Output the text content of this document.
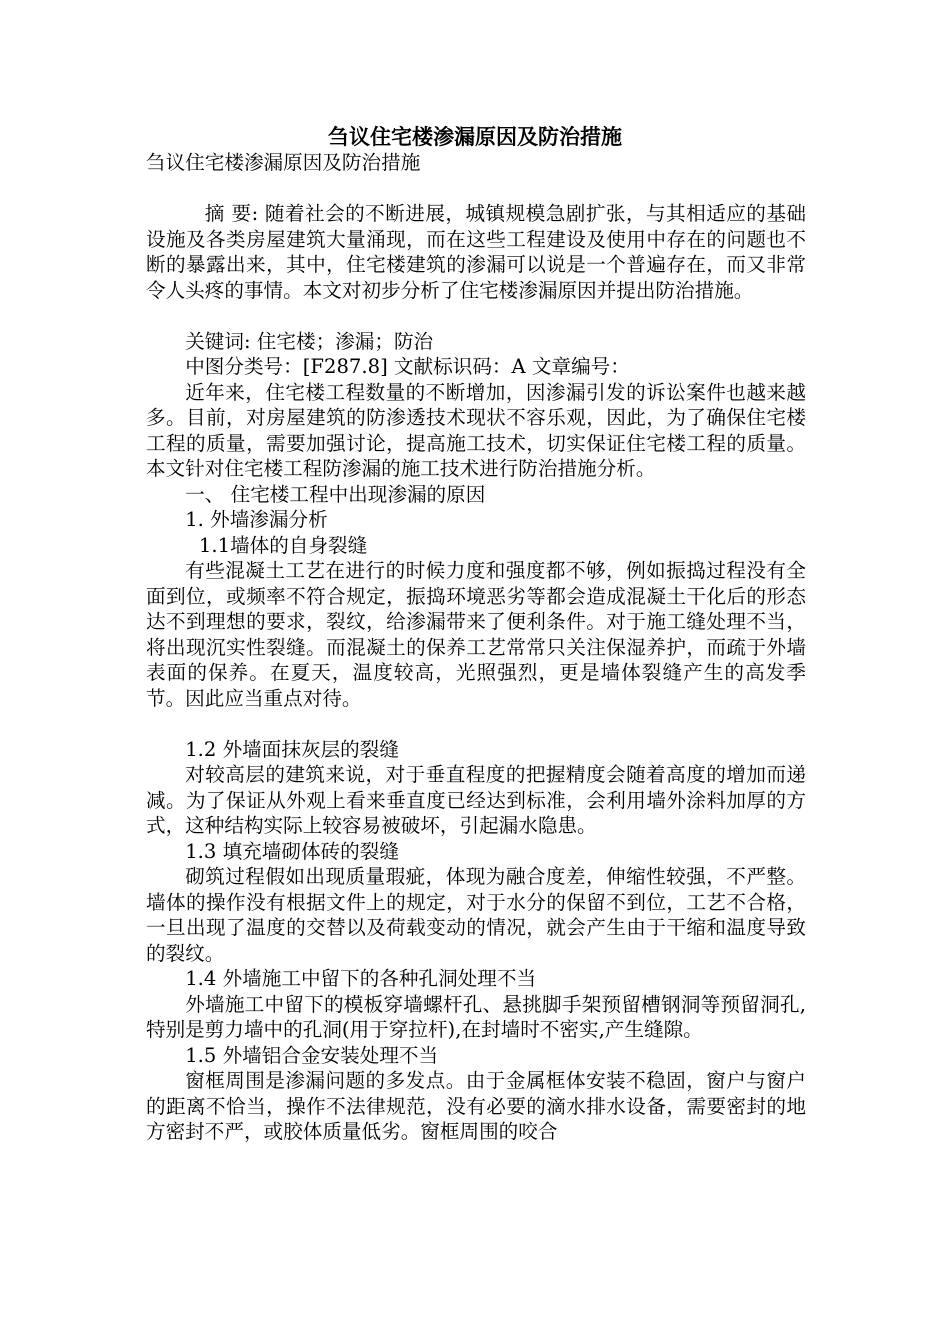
刍议住宅楼渗漏原因及防治措施

刍议住宅楼渗漏原因及防治措施

摘 要: 随着社会的不断进展，城镇规模急剧扩张，与其相适应的基础设施及各类房屋建筑大量涌现，而在这些工程建设及使用中存在的问题也不断的暴露出来，其中，住宅楼建筑的渗漏可以说是一个普遍存在，而又非常令人头疼的事情。本文对初步分析了住宅楼渗漏原因并提出防治措施。

关键词: 住宅楼；渗漏；防治

中图分类号：[F287.8] 文献标识码：A 文章编号：

近年来，住宅楼工程数量的不断增加，因渗漏引发的诉讼案件也越来越多。目前，对房屋建筑的防渗透技术现状不容乐观，因此，为了确保住宅楼工程的质量，需要加强讨论，提高施工技术，切实保证住宅楼工程的质量。本文针对住宅楼工程防渗漏的施工技术进行防治措施分析。

一、 住宅楼工程中出现渗漏的原因

1. 外墙渗漏分析

1.1墙体的自身裂缝

有些混凝土工艺在进行的时候力度和强度都不够，例如振捣过程没有全面到位，或频率不符合规定，振捣环境恶劣等都会造成混凝土干化后的形态达不到理想的要求，裂纹，给渗漏带来了便利条件。对于施工缝处理不当，将出现沉实性裂缝。而混凝土的保养工艺常常只关注保湿养护，而疏于外墙表面的保养。在夏天，温度较高，光照强烈，更是墙体裂缝产生的高发季节。因此应当重点对待。

1.2 外墙面抹灰层的裂缝

对较高层的建筑来说，对于垂直程度的把握精度会随着高度的增加而递减。为了保证从外观上看来垂直度已经达到标准，会利用墙外涂料加厚的方式，这种结构实际上较容易被破坏，引起漏水隐患。

1.3 填充墙砌体砖的裂缝

砌筑过程假如出现质量瑕疵，体现为融合度差，伸缩性较强，不严整。墙体的操作没有根据文件上的规定，对于水分的保留不到位，工艺不合格，一旦出现了温度的交替以及荷载变动的情况，就会产生由于干缩和温度导致的裂纹。

1.4 外墙施工中留下的各种孔洞处理不当

外墙施工中留下的模板穿墙螺杆孔、悬挑脚手架预留槽钢洞等预留洞孔,特别是剪力墙中的孔洞(用于穿拉杆),在封墙时不密实,产生缝隙。

1.5 外墙铝合金安装处理不当

窗框周围是渗漏问题的多发点。由于金属框体安装不稳固，窗户与窗户的距离不恰当，操作不法律规范，没有必要的滴水排水设备，需要密封的地方密封不严，或胶体质量低劣。窗框周围的咬合
